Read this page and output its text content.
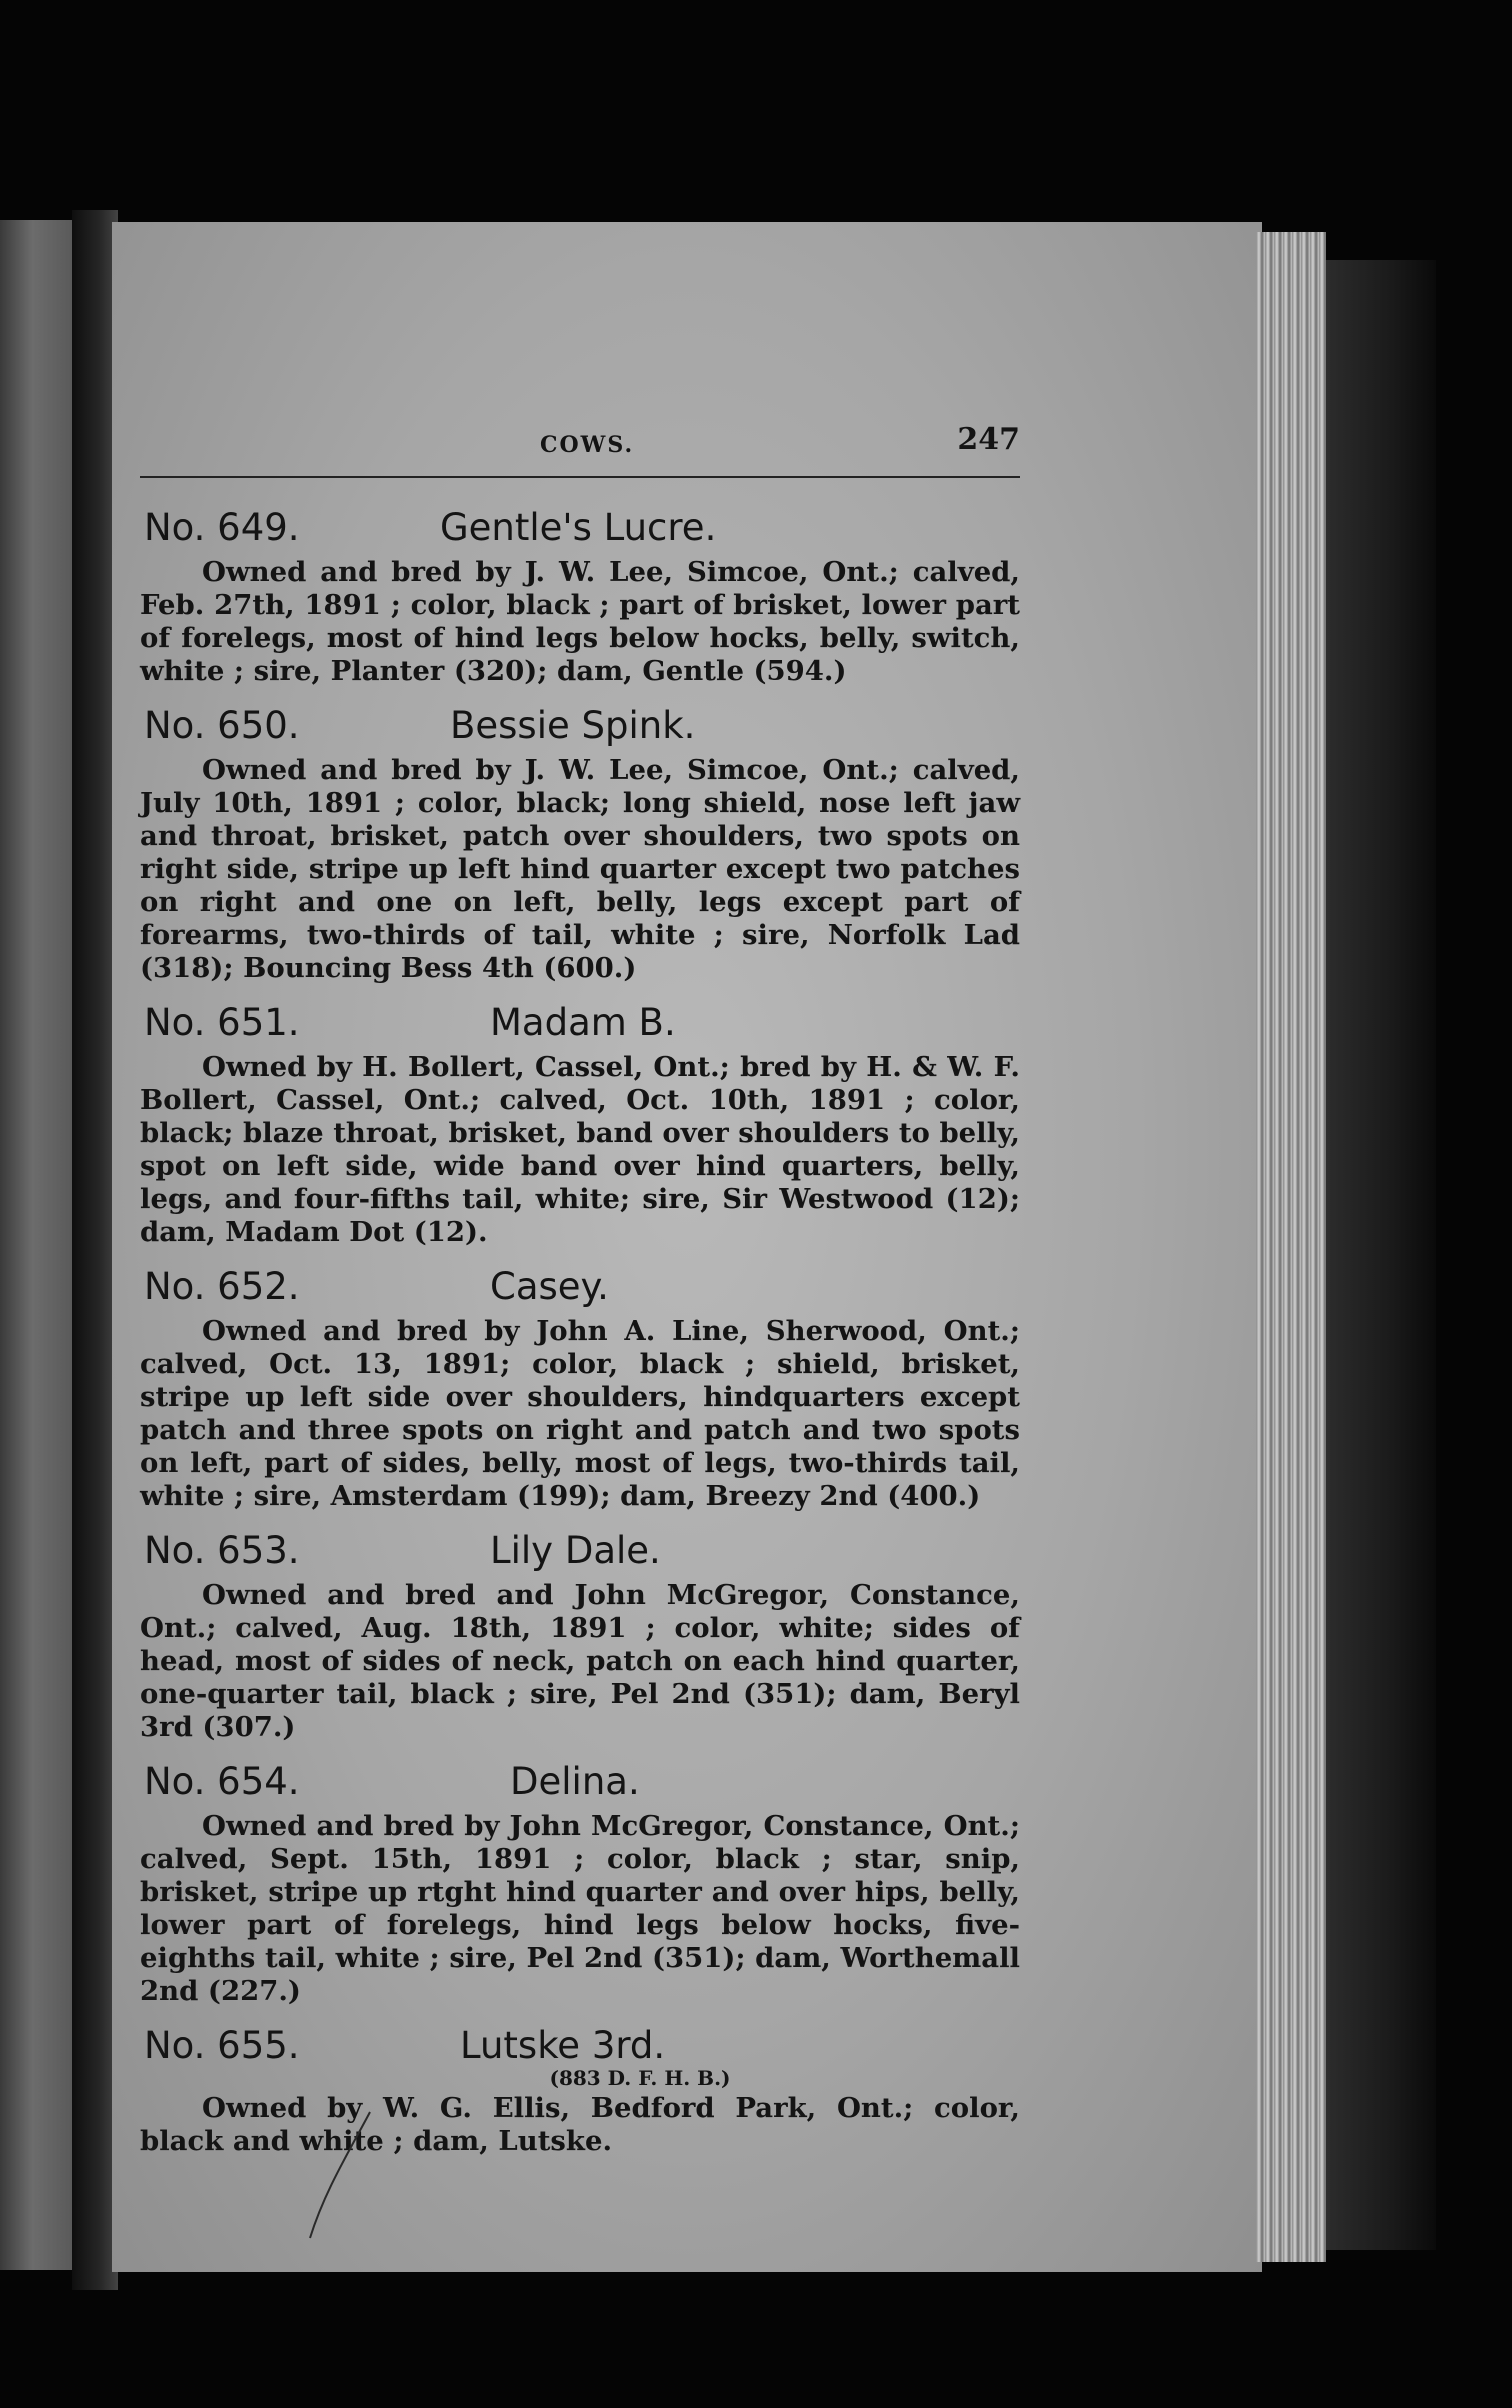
COWS.	247
No. 649.	Gentle's Lucre.
Owned and bred by J. W. Lee, Simcoe, Ont.; calved, Feb. 27th, 1891 ; color, black ; part of brisket, lower part of forelegs, most of hind legs below hocks, belly, switch, white ; sire, Planter (320); dam, Gentle (594.)
No. 650.	Bessie Spink.
Owned and bred by J. W. Lee, Simcoe, Ont.; calved, July 10th, 1891 ; color, black; long shield, nose left jaw and throat, brisket, patch over shoulders, two spots on right side, stripe up left hind quarter except two patches on right and one on left, belly, legs except part of forearms, two-thirds of tail, white ; sire, Norfolk Lad (318); Bouncing Bess 4th (600.)
No. 651.	Madam B.
Owned by H. Bollert, Cassel, Ont.; bred by H. & W. F. Bollert, Cassel, Ont.; calved, Oct. 10th, 1891 ; color, black; blaze throat, brisket, band over shoulders to belly, spot on left side, wide band over hind quarters, belly, legs, and four-fifths tail, white; sire, Sir Westwood (12); dam, Madam Dot (12).
No. 652.	Casey.
Owned and bred by John A. Line, Sherwood, Ont.; calved, Oct. 13, 1891; color, black ; shield, brisket, stripe up left side over shoulders, hindquarters except patch and three spots on right and patch and two spots on left, part of sides, belly, most of legs, two-thirds tail, white ; sire, Amsterdam (199); dam, Breezy 2nd (400.)
No. 653.	Lily Dale.
Owned and bred and John McGregor, Constance, Ont.; calved, Aug. 18th, 1891 ; color, white; sides of head, most of sides of neck, patch on each hind quarter, one-quarter tail, black ; sire, Pel 2nd (351); dam, Beryl 3rd (307.)
No. 654.	Delina.
Owned and bred by John McGregor, Constance, Ont.; calved, Sept. 15th, 1891 ; color, black ; star, snip, brisket, stripe up rtght hind quarter and over hips, belly, lower part of forelegs, hind legs below hocks, five-eighths tail, white ; sire, Pel 2nd (351); dam, Worthemall 2nd (227.)
No. 655.	Lutske 3rd.
(883 D. F. H. B.)
Owned by W. G. Ellis, Bedford Park, Ont.; color, black and white ; dam, Lutske.
